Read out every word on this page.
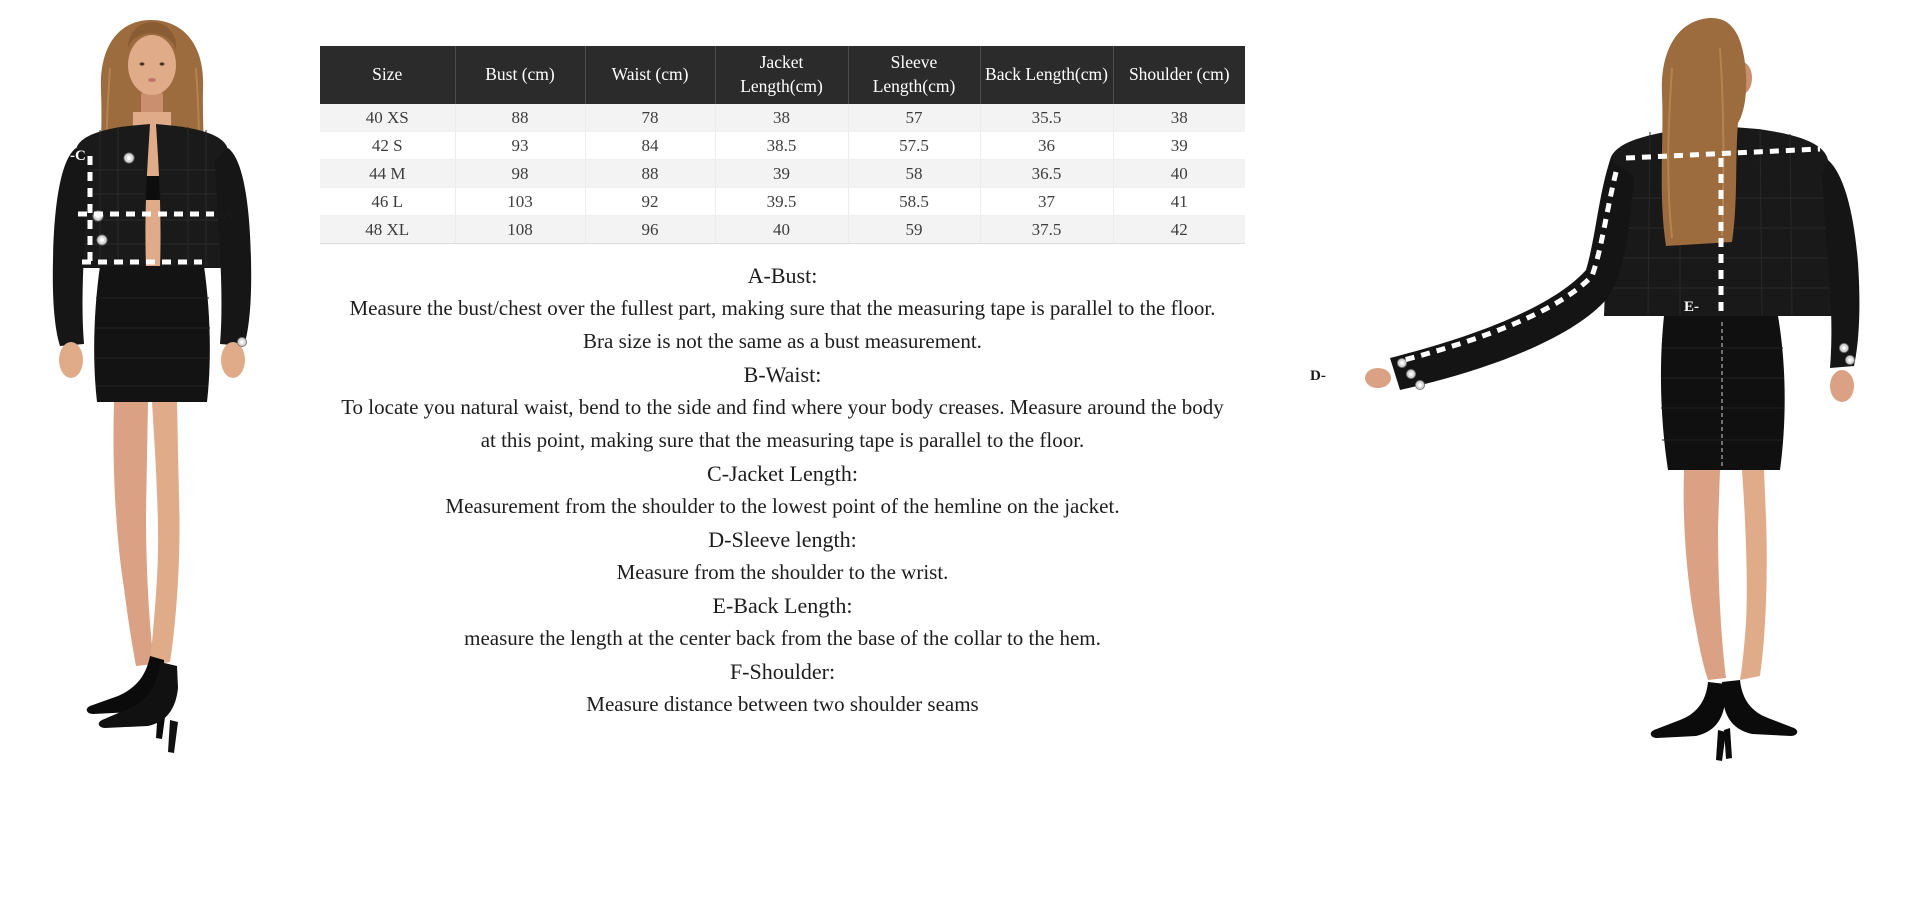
-C
-A
-B
Size	Bust (cm)	Waist (cm)	Jacket Length(cm)	Sleeve Length(cm)	Back Length(cm)	Shoulder (cm)
40 XS	88	78	38	57	35.5	38
42 S	93	84	38.5	57.5	36	39
44 M	98	88	39	58	36.5	40
46 L	103	92	39.5	58.5	37	41
48 XL	108	96	40	59	37.5	42
A-Bust:
Measure the bust/chest over the fullest part, making sure that the measuring tape is parallel to the floor. Bra size is not the same as a bust measurement.
B-Waist:
To locate you natural waist, bend to the side and find where your body creases. Measure around the body at this point, making sure that the measuring tape is parallel to the floor.
C-Jacket Length:
Measurement from the shoulder to the lowest point of the hemline on the jacket.
D-Sleeve length:
Measure from the shoulder to the wrist.
E-Back Length:
measure the length at the center back from the base of the collar to the hem.
F-Shoulder:
Measure distance between two shoulder seams
-F
E-
D-
